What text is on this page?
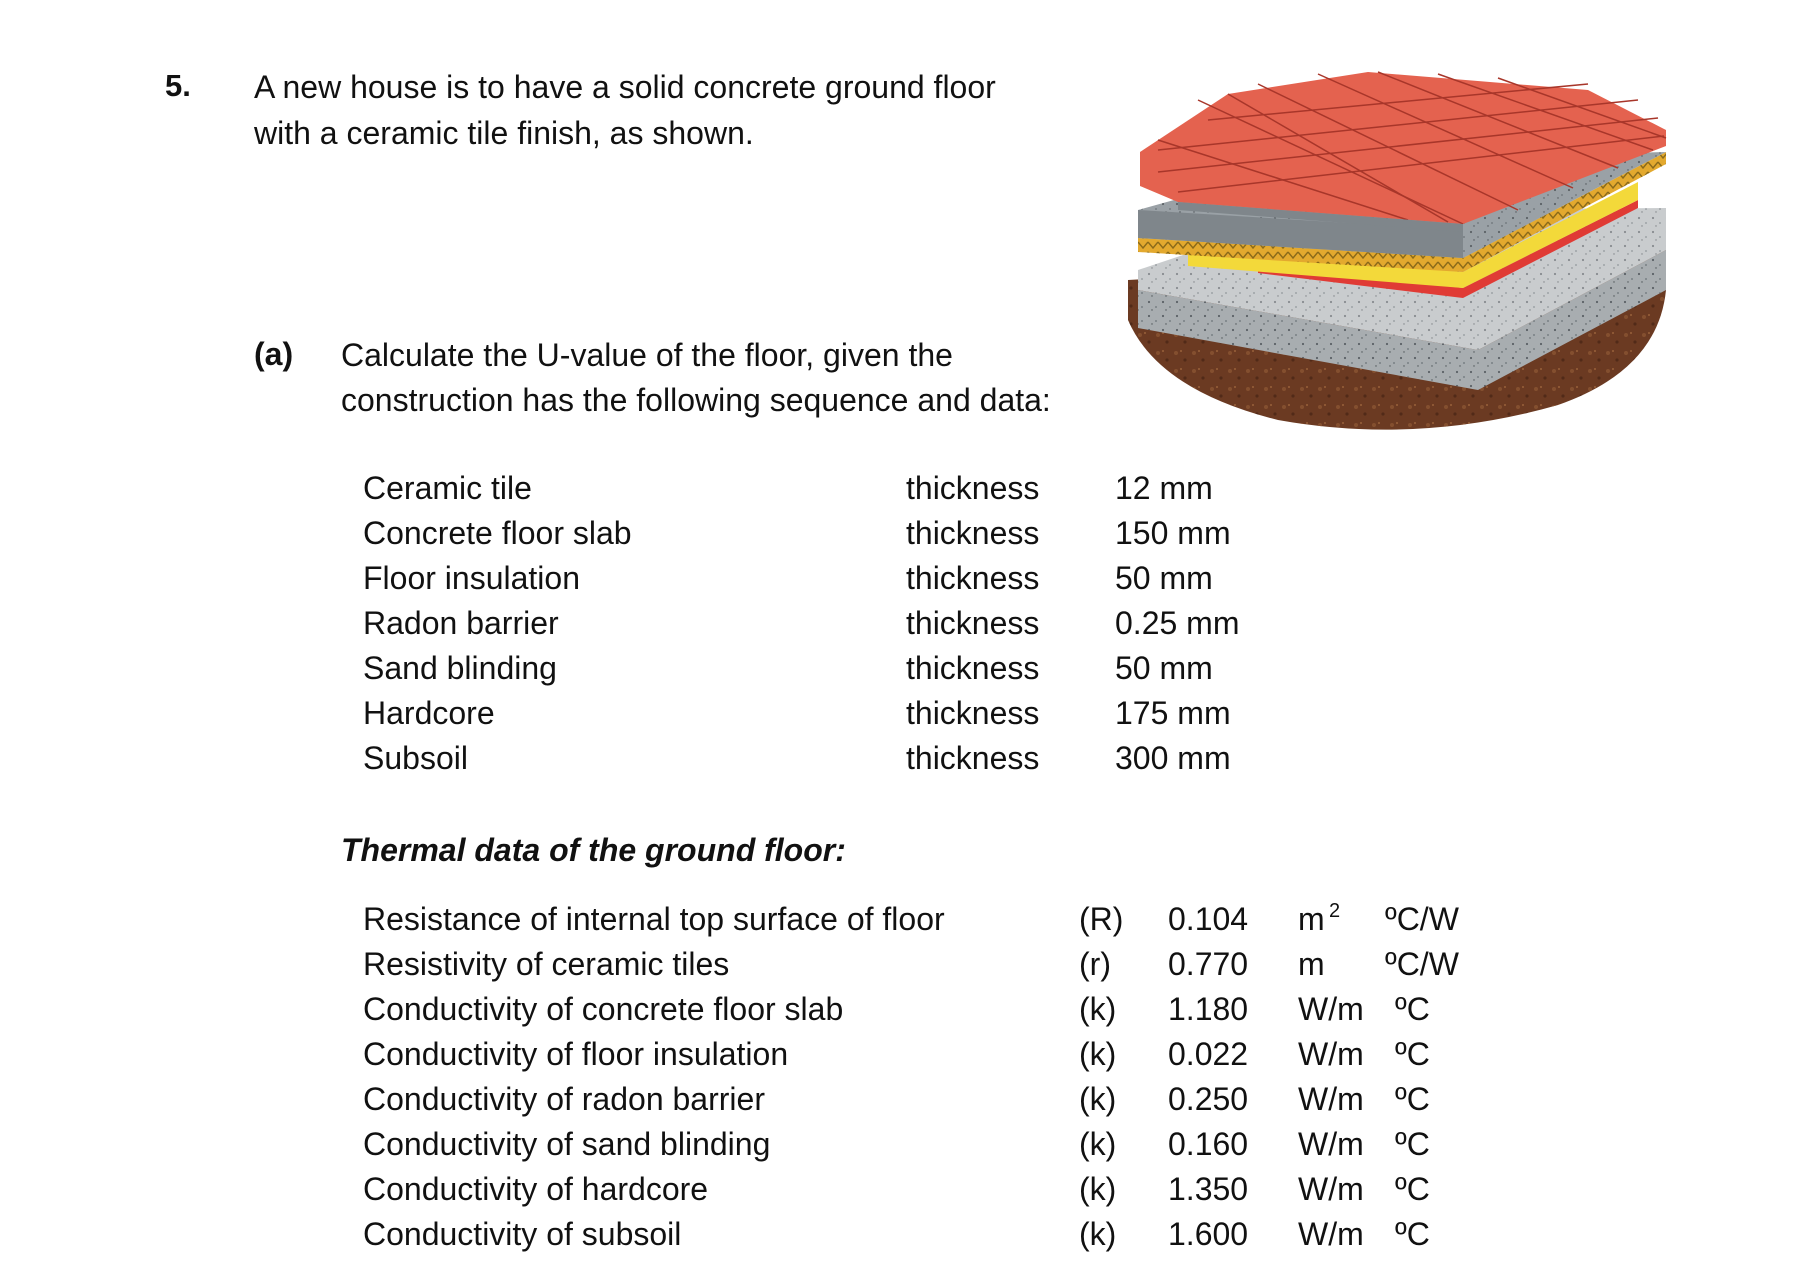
5. A new house is to have a solid concrete ground floor
with a ceramic tile finish, as shown.
(a) Calculate the U-value of the floor, given the
construction has the following sequence and data:
Ceramic tile	thickness 12 mm
Concrete floor slab	thickness 150 mm
Floor insulation	thickness 50 mm
Radon barrier	thickness 0.25 mm
Sand blinding	thickness 50 mm
Hardcore	thickness 175 mm
Subsoil	thickness 300 mm
Thermal data of the ground floor:
Resistance of internal top surface of floor	(R) 0.104 m 2 ºC/W
Resistivity of ceramic tiles	(r) 0.770 m ºC/W
Conductivity of concrete floor slab	(k) 1.180 W/m ºC
Conductivity of floor insulation	(k) 0.022 W/m ºC
Conductivity of radon barrier	(k) 0.250 W/m ºC
Conductivity of sand blinding	(k) 0.160 W/m ºC
Conductivity of hardcore	(k) 1.350 W/m ºC
Conductivity of subsoil	(k) 1.600 W/m ºC
